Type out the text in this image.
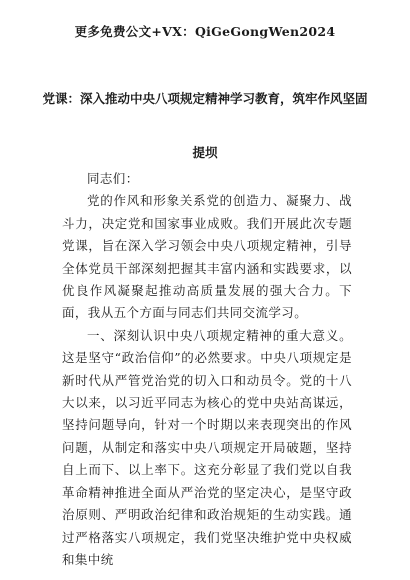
更多免费公文+VX：QiGeGongWen2024
党课：深入推动中央八项规定精神学习教育，筑牢作风坚固提坝

同志们：

党的作风和形象关系党的创造力、凝聚力、战斗力，决定党和国家事业成败。我们开展此次专题党课，旨在深入学习领会中央八项规定精神，引导全体党员干部深刻把握其丰富内涵和实践要求，以优良作风凝聚起推动高质量发展的强大合力。下面，我从五个方面与同志们共同交流学习。

一、深刻认识中央八项规定精神的重大意义。这是坚守“政治信仰”的必然要求。中央八项规定是新时代从严管党治党的切入口和动员令。党的十八大以来，以习近平同志为核心的党中央站高谋远，坚持问题导向，针对一个时期以来表现突出的作风问题，从制定和落实中央八项规定开局破题，坚持自上而下、以上率下。这充分彰显了我们党以自我革命精神推进全面从严治党的坚定决心，是坚守政治原则、严明政治纪律和政治规矩的生动实践。通过严格落实八项规定，我们党坚决维护党中央权威和集中统
